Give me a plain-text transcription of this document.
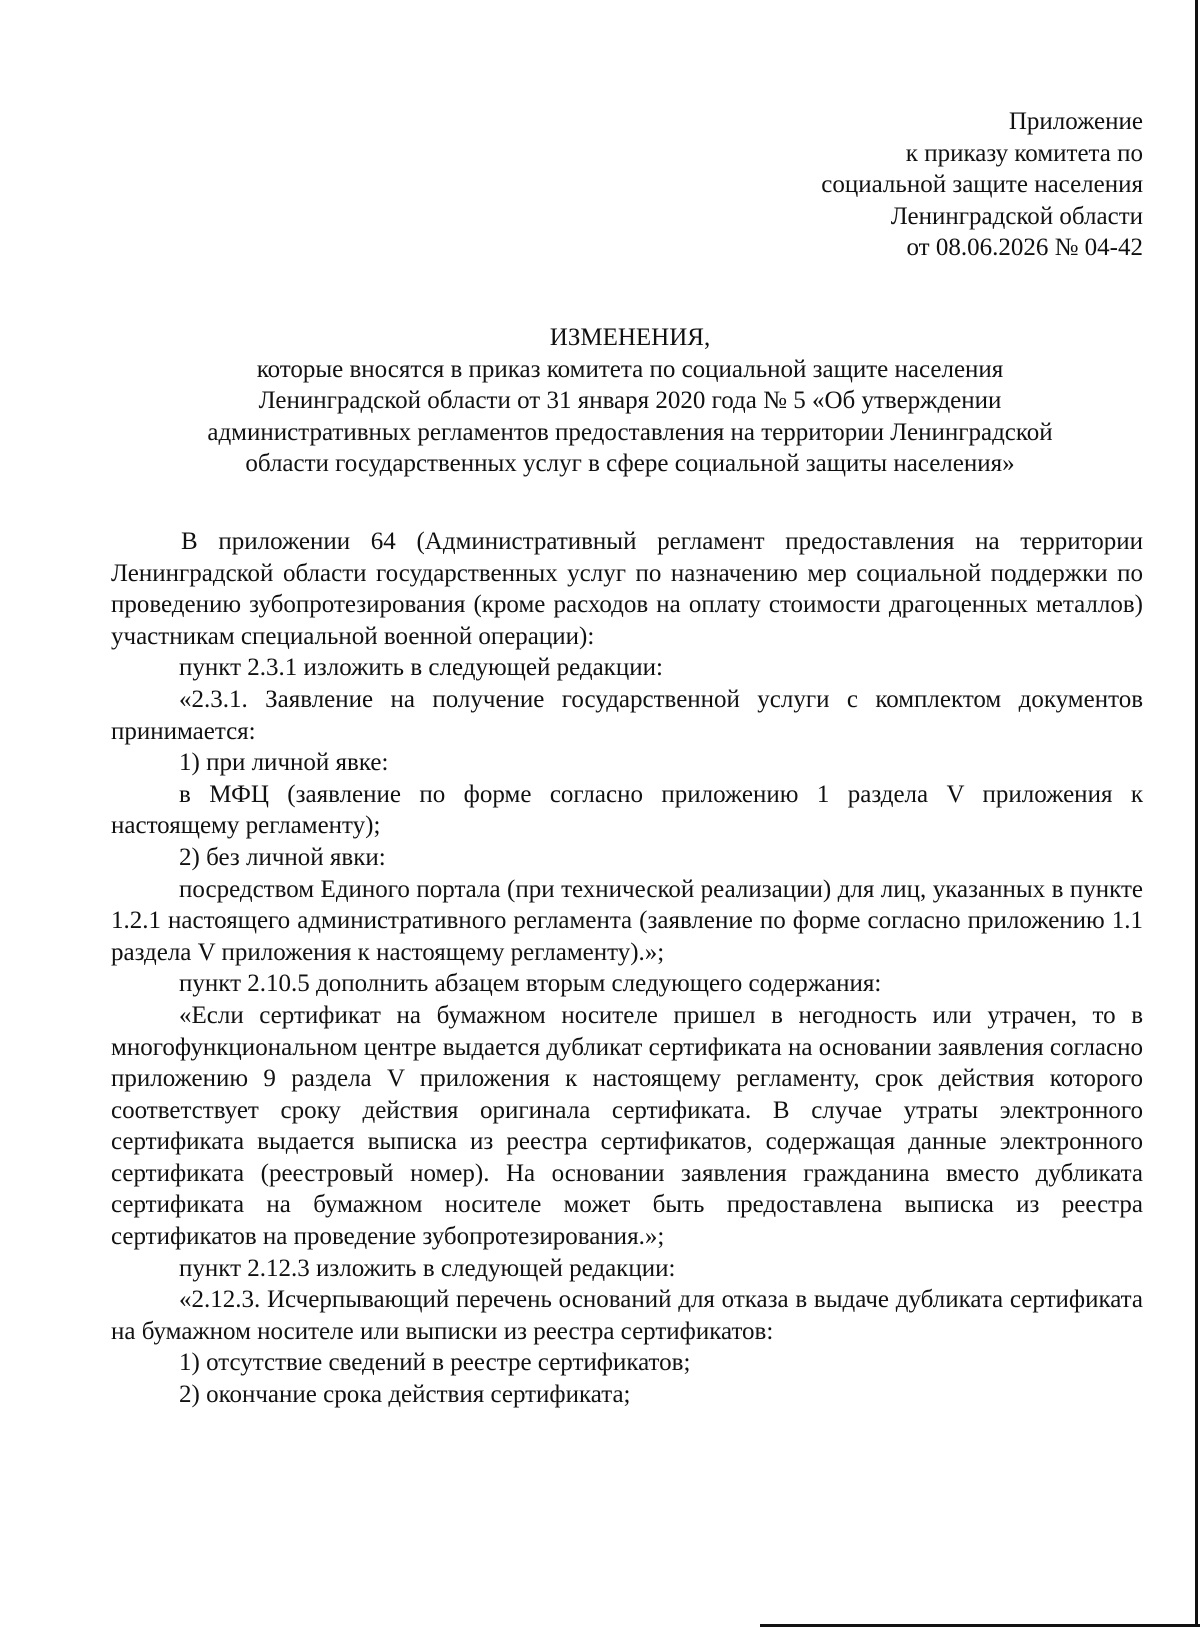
Приложение
к приказу комитета по
социальной защите населения
Ленинградской области
от 08.06.2026 № 04-42
ИЗМЕНЕНИЯ,
которые вносятся в приказ комитета по социальной защите населения
Ленинградской области от 31 января 2020 года № 5 «Об утверждении
административных регламентов предоставления на территории Ленинградской
области государственных услуг в сфере социальной защиты населения»

В приложении 64 (Административный регламент предоставления на территории Ленинградской области государственных услуг по назначению мер социальной поддержки по проведению зубопротезирования (кроме расходов на оплату стоимости драгоценных металлов) участникам специальной военной операции):

пункт 2.3.1 изложить в следующей редакции:

«2.3.1. Заявление на получение государственной услуги с комплектом документов принимается:

1) при личной явке:

в МФЦ (заявление по форме согласно приложению 1 раздела V приложения к настоящему регламенту);

2) без личной явки:

посредством Единого портала (при технической реализации) для лиц, указанных в пункте 1.2.1 настоящего административного регламента (заявление по форме согласно приложению 1.1 раздела V приложения к настоящему регламенту).»;

пункт 2.10.5 дополнить абзацем вторым следующего содержания:

«Если сертификат на бумажном носителе пришел в негодность или утрачен, то в многофункциональном центре выдается дубликат сертификата на основании заявления согласно приложению 9 раздела V приложения к настоящему регламенту, срок действия которого соответствует сроку действия оригинала сертификата. В случае утраты электронного сертификата выдается выписка из реестра сертификатов, содержащая данные электронного сертификата (реестровый номер). На основании заявления гражданина вместо дубликата сертификата на бумажном носителе может быть предоставлена выписка из реестра сертификатов на проведение зубопротезирования.»;

пункт 2.12.3 изложить в следующей редакции:

«2.12.3. Исчерпывающий перечень оснований для отказа в выдаче дубликата сертификата на бумажном носителе или выписки из реестра сертификатов:

1) отсутствие сведений в реестре сертификатов;

2) окончание срока действия сертификата;
